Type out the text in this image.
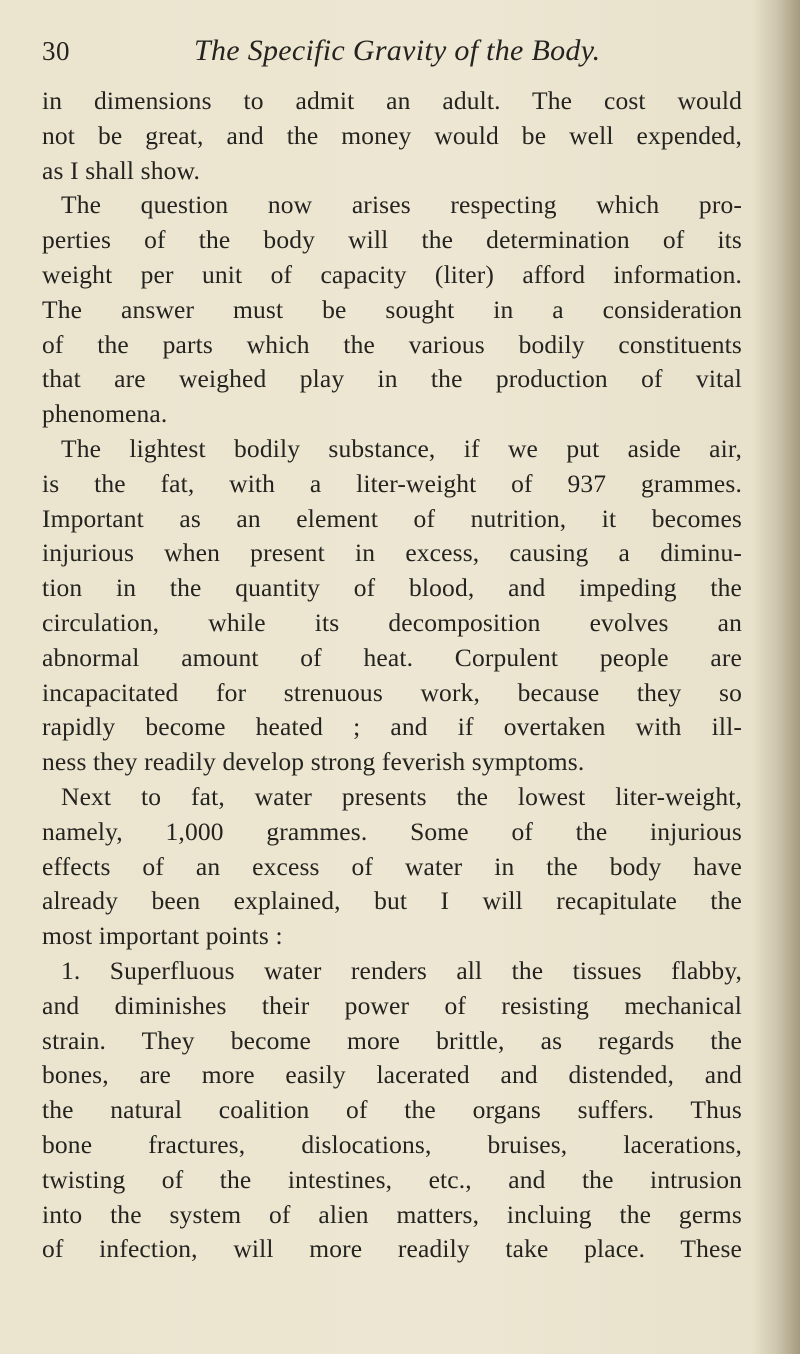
30	The Specific Gravity of the Body.
in dimensions to admit an adult. The cost would
not be great, and the money would be well expended,
as I shall show.
The question now arises respecting which pro-
perties of the body will the determination of its
weight per unit of capacity (liter) afford information.
The answer must be sought in a consideration
of the parts which the various bodily constituents
that are weighed play in the production of vital
phenomena.
The lightest bodily substance, if we put aside air,
is the fat, with a liter-weight of 937 grammes.
Important as an element of nutrition, it becomes
injurious when present in excess, causing a diminu-
tion in the quantity of blood, and impeding the
circulation, while its decomposition evolves an
abnormal amount of heat. Corpulent people are
incapacitated for strenuous work, because they so
rapidly become heated ; and if overtaken with ill-
ness they readily develop strong feverish symptoms.
Next to fat, water presents the lowest liter-weight,
namely, 1,000 grammes. Some of the injurious
effects of an excess of water in the body have
already been explained, but I will recapitulate the
most important points :
1. Superfluous water renders all the tissues flabby,
and diminishes their power of resisting mechanical
strain. They become more brittle, as regards the
bones, are more easily lacerated and distended, and
the natural coalition of the organs suffers. Thus
bone fractures, dislocations, bruises, lacerations,
twisting of the intestines, etc., and the intrusion
into the system of alien matters, incluing the germs
of infection, will more readily take place. These
